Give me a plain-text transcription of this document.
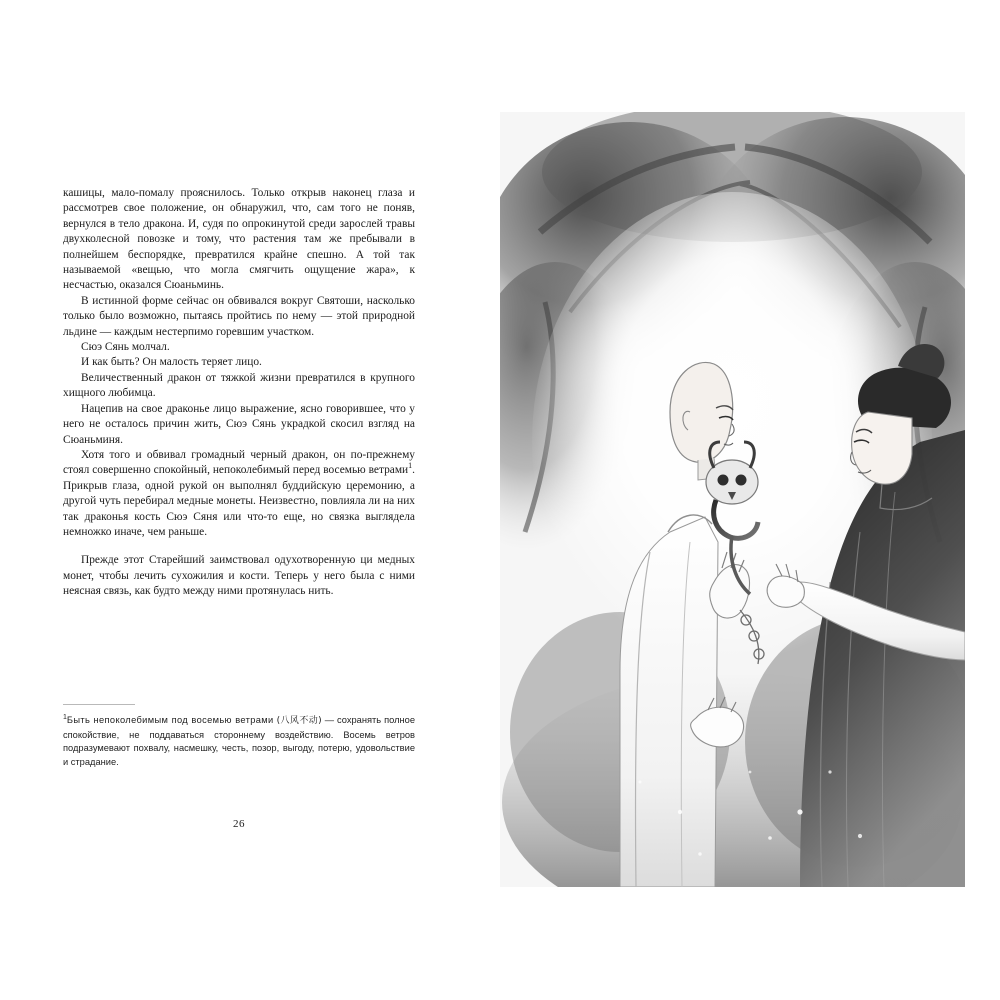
кашицы, мало-помалу прояснилось. Только открыв наконец глаза и рассмотрев свое положение, он обнаружил, что, сам того не поняв, вернулся в тело дракона. И, судя по опрокинутой среди зарослей травы двухколесной повозке и тому, что растения там же пребывали в полнейшем беспорядке, превратился крайне спешно. А той так называемой «вещью, что могла смягчить ощущение жара», к несчастью, оказался Сюаньминь.

В истинной форме сейчас он обвивался вокруг Святоши, насколько только было возможно, пытаясь пройтись по нему — этой природной льдине — каждым нестерпимо горевшим участком.

Сюэ Сянь молчал.

И как быть? Он малость теряет лицо.

Величественный дракон от тяжкой жизни превратился в крупного хищного любимца.

Нацепив на свое драконье лицо выражение, ясно говорившее, что у него не осталось причин жить, Сюэ Сянь украдкой скосил взгляд на Сюаньминя.

Хотя того и обвивал громадный черный дракон, он по-прежнему стоял совершенно спокойный, непоколебимый перед восемью ветрами$^1$. Прикрыв глаза, одной рукой он выполнял буддийскую церемонию, а другой чуть перебирал медные монеты. Неизвестно, повлияла ли на них так драконья кость Сюэ Сяня или что-то еще, но связка выглядела немножко иначе, чем раньше.

Прежде этот Старейший заимствовал одухотворенную ци медных монет, чтобы лечить сухожилия и кости. Теперь у него была с ними неясная связь, как будто между ними протянулась нить.

$^1$Быть непоколебимым под восемью ветрами (八风不动) — сохранять полное спокойствие, не поддаваться стороннему воздействию. Восемь ветров подразумевают похвалу, насмешку, честь, позор, выгоду, потерю, удовольствие и страдание.
26
